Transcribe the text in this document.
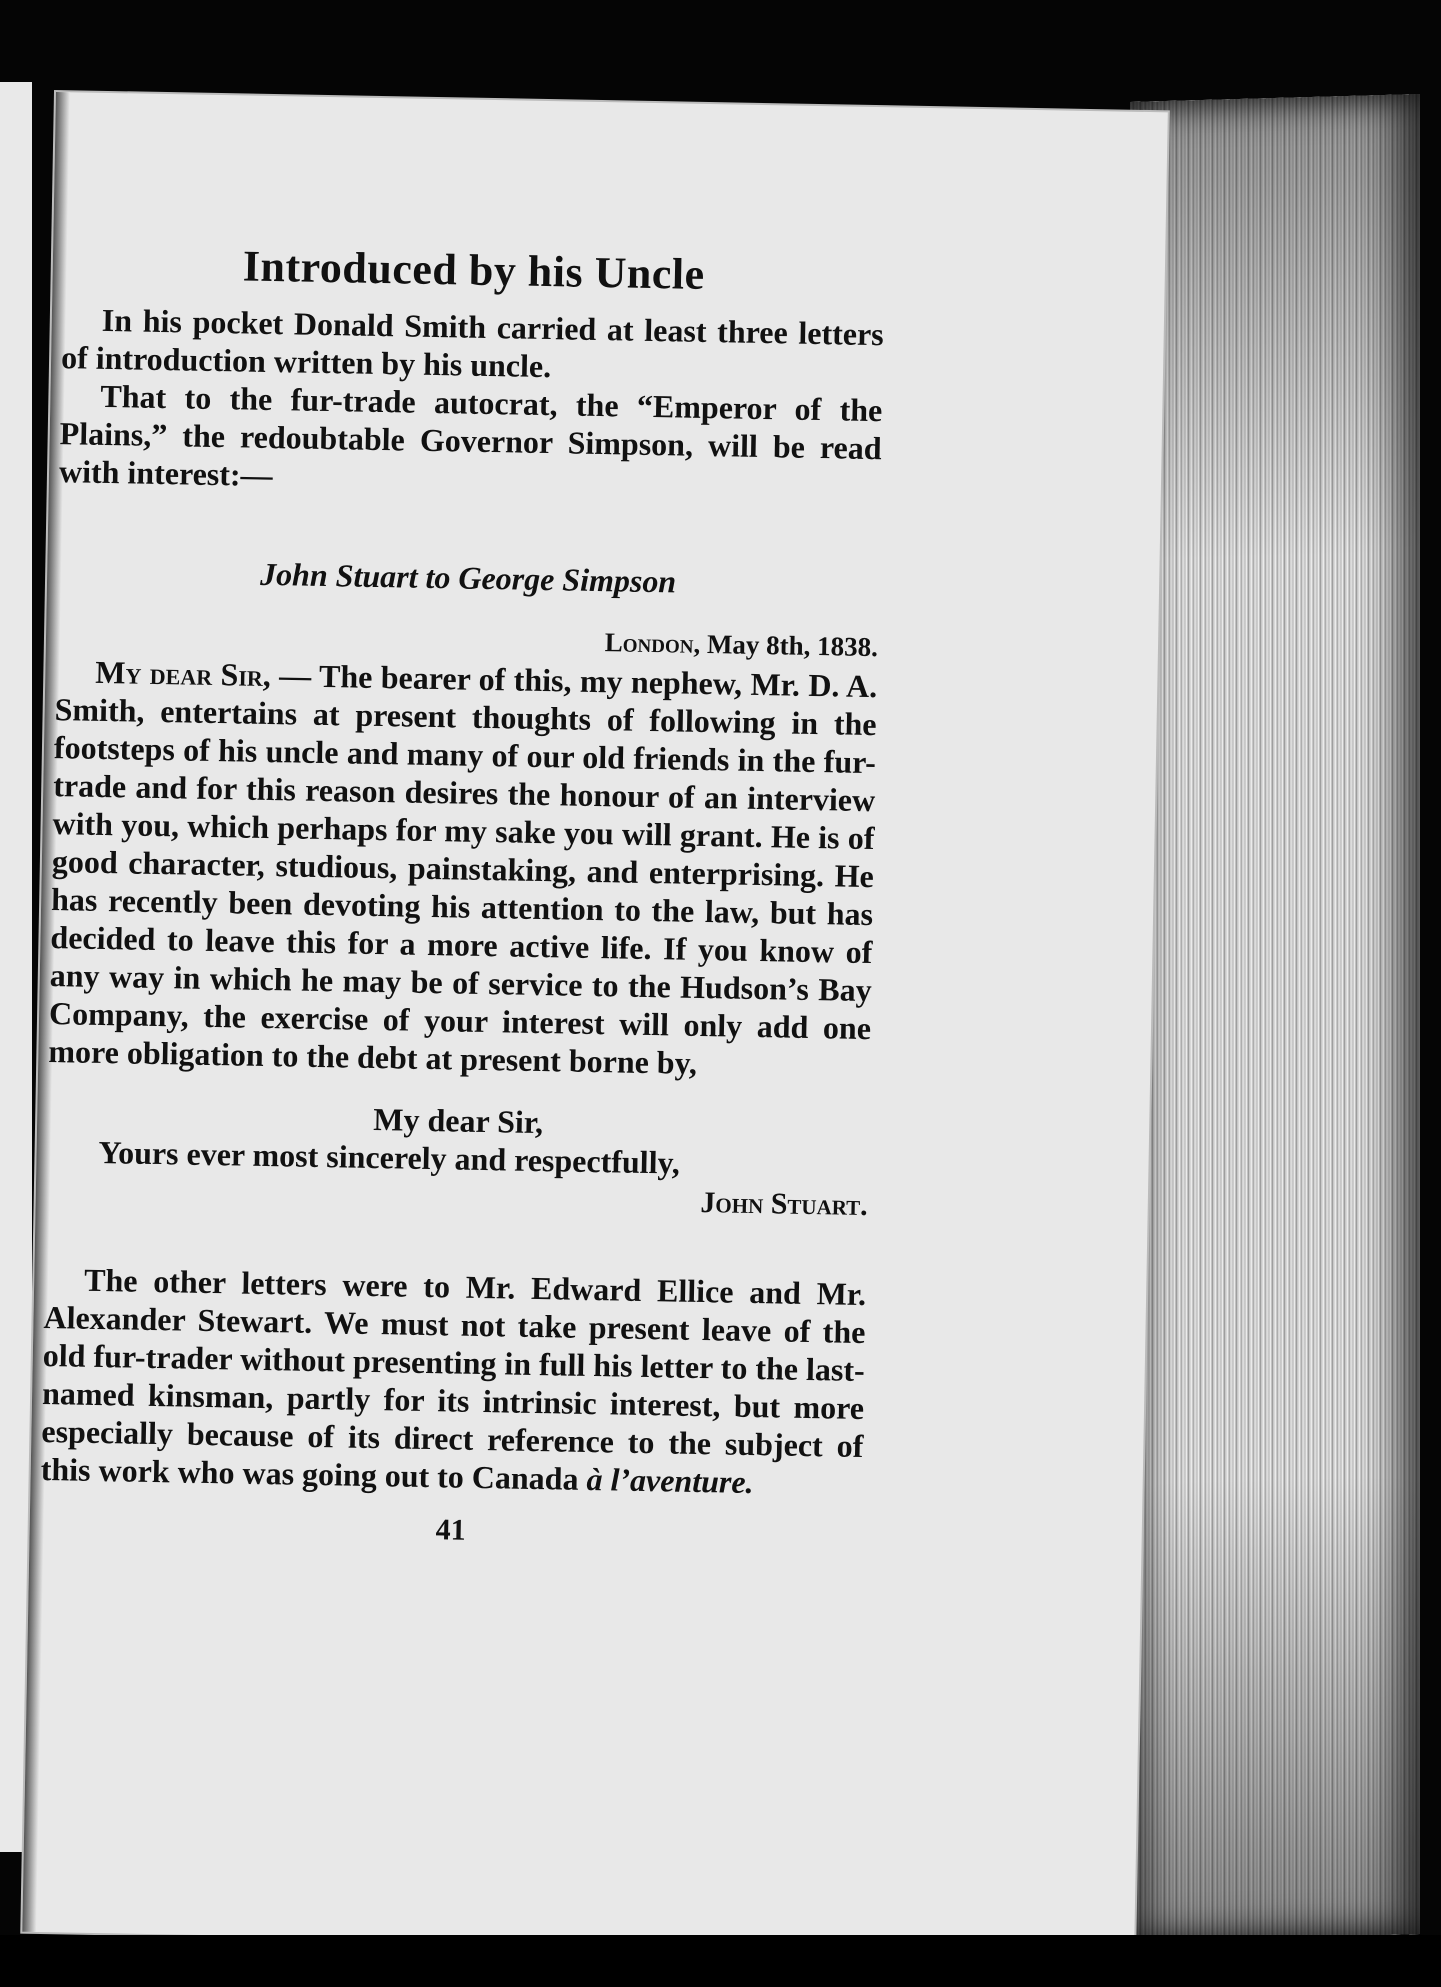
Introduced by his Uncle

In his pocket Donald Smith carried at least three letters of introduction written by his uncle.

That to the fur-trade autocrat, the “Emperor of the Plains,” the redoubtable Governor Simpson, will be read with interest:—

John Stuart to George Simpson
London, May 8th, 1838.

My dear Sir, — The bearer of this, my nephew, Mr. D. A. Smith, entertains at present thoughts of following in the footsteps of his uncle and many of our old friends in the fur-trade and for this reason desires the honour of an interview with you, which perhaps for my sake you will grant. He is of good character, studious, painstaking, and enterprising. He has recently been devoting his attention to the law, but has decided to leave this for a more active life. If you know of any way in which he may be of service to the Hudson’s Bay Company, the exercise of your interest will only add one more obligation to the debt at present borne by,

My dear Sir,
Yours ever most sincerely and respectfully,
John Stuart.

The other letters were to Mr. Edward Ellice and Mr. Alexander Stewart. We must not take present leave of the old fur-trader without presenting in full his letter to the last-named kinsman, partly for its intrinsic interest, but more especially because of its direct reference to the subject of this work who was going out to Canada à l’aventure.

41
